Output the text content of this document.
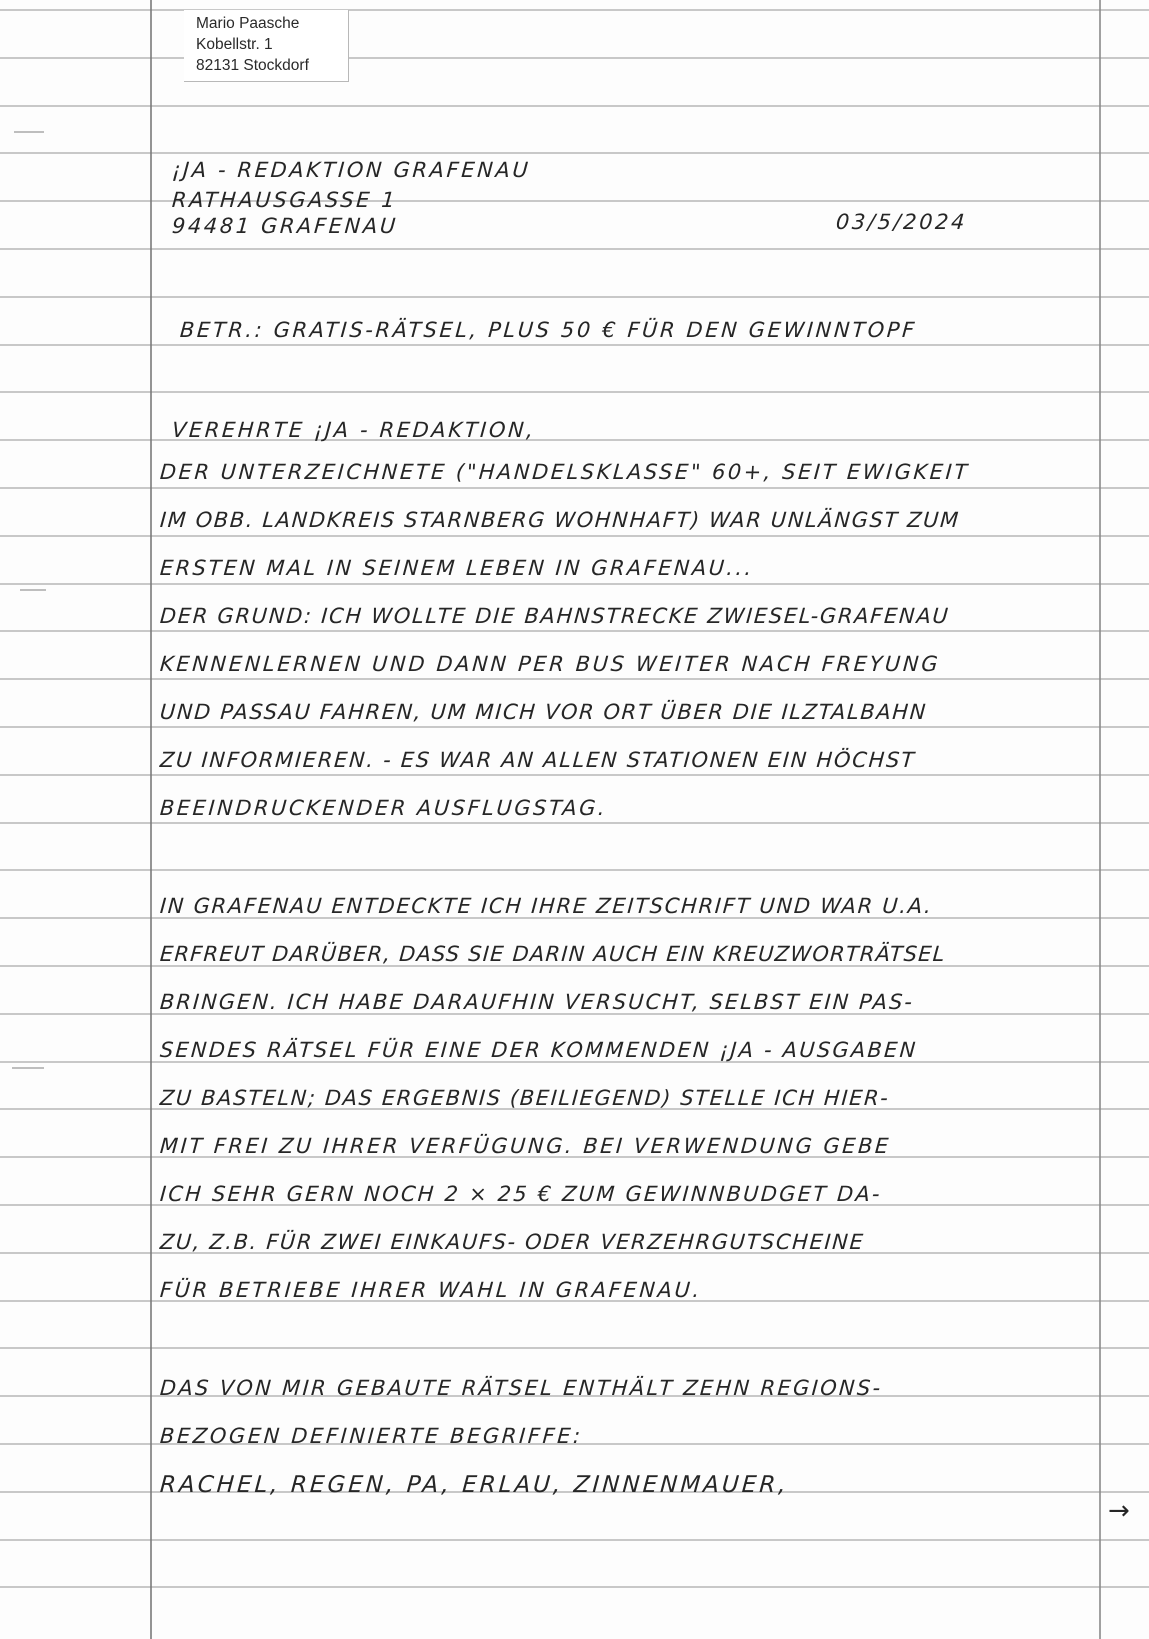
Mario Paasche
Kobellstr. 1
82131 Stockdorf
¡JA - REDAKTION GRAFENAU
RATHAUSGASSE 1
94481 GRAFENAU	03/5/2024
BETR.: GRATIS-RÄTSEL, PLUS 50 € FÜR DEN GEWINNTOPF
VEREHRTE ¡JA - REDAKTION,
DER UNTERZEICHNETE ("HANDELSKLASSE" 60+, SEIT EWIGKEIT
IM OBB. LANDKREIS STARNBERG WOHNHAFT) WAR UNLÄNGST ZUM
ERSTEN MAL IN SEINEM LEBEN IN GRAFENAU...
DER GRUND: ICH WOLLTE DIE BAHNSTRECKE ZWIESEL-GRAFENAU
KENNENLERNEN UND DANN PER BUS WEITER NACH FREYUNG
UND PASSAU FAHREN, UM MICH VOR ORT ÜBER DIE ILZTALBAHN
ZU INFORMIEREN. - ES WAR AN ALLEN STATIONEN EIN HÖCHST
BEEINDRUCKENDER AUSFLUGSTAG.
IN GRAFENAU ENTDECKTE ICH IHRE ZEITSCHRIFT UND WAR U.A.
ERFREUT DARÜBER, DASS SIE DARIN AUCH EIN KREUZWORTRÄTSEL
BRINGEN. ICH HABE DARAUFHIN VERSUCHT, SELBST EIN PAS-
SENDES RÄTSEL FÜR EINE DER KOMMENDEN ¡JA - AUSGABEN
ZU BASTELN; DAS ERGEBNIS (BEILIEGEND) STELLE ICH HIER-
MIT FREI ZU IHRER VERFÜGUNG. BEI VERWENDUNG GEBE
ICH SEHR GERN NOCH 2 × 25 € ZUM GEWINNBUDGET DA-
ZU, Z.B. FÜR ZWEI EINKAUFS- ODER VERZEHRGUTSCHEINE
FÜR BETRIEBE IHRER WAHL IN GRAFENAU.
DAS VON MIR GEBAUTE RÄTSEL ENTHÄLT ZEHN REGIONS-
BEZOGEN DEFINIERTE BEGRIFFE:
RACHEL, REGEN, PA, ERLAU, ZINNENMAUER,
→
